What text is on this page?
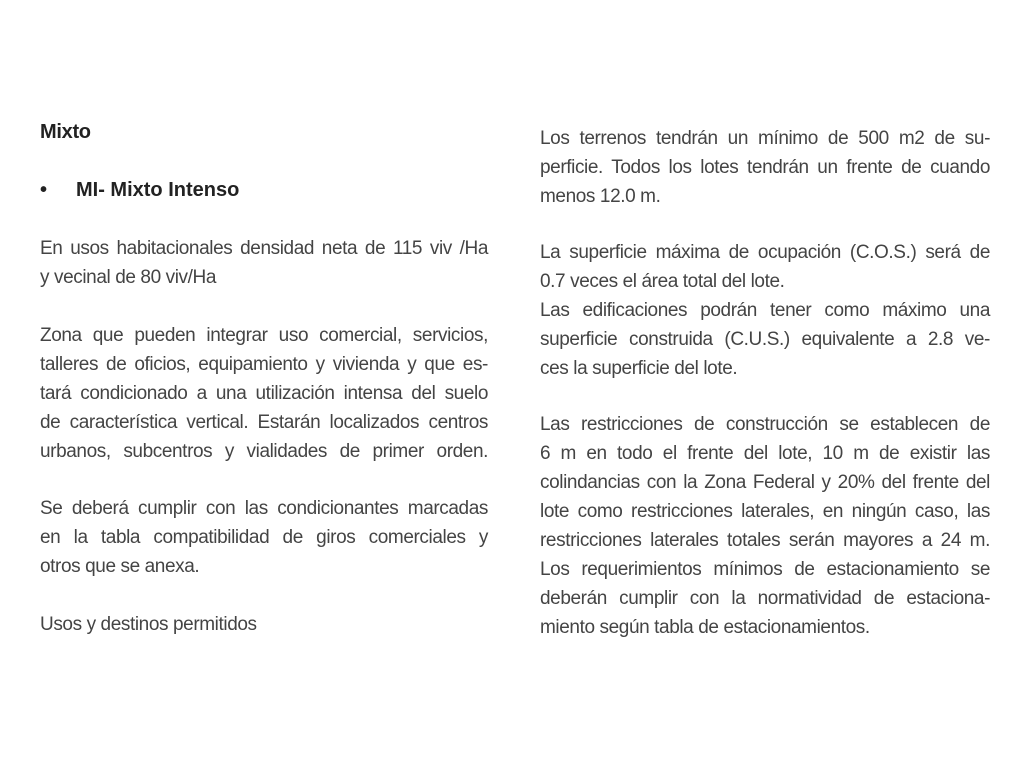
Mixto
• MI- Mixto Intenso
En usos habitacionales densidad neta de 115 viv /Ha
y vecinal de 80 viv/Ha
Zona que pueden integrar uso comercial, servicios,
talleres de oficios, equipamiento y vivienda y que es-
tará condicionado a una utilización intensa del suelo
de característica vertical. Estarán localizados centros
urbanos, subcentros y vialidades de primer orden.
Se deberá cumplir con las condicionantes marcadas
en la tabla compatibilidad de giros comerciales y
otros que se anexa.
Usos y destinos permitidos
Los terrenos tendrán un mínimo de 500 m2 de su-
perficie. Todos los lotes tendrán un frente de cuando
menos 12.0 m.
La superficie máxima de ocupación (C.O.S.) será de
0.7 veces el área total del lote.
Las edificaciones podrán tener como máximo una
superficie construida (C.U.S.) equivalente a 2.8 ve-
ces la superficie del lote.
Las restricciones de construcción se establecen de
6 m en todo el frente del lote, 10 m de existir las
colindancias con la Zona Federal y 20% del frente del
lote como restricciones laterales, en ningún caso, las
restricciones laterales totales serán mayores a 24 m.
Los requerimientos mínimos de estacionamiento se
deberán cumplir con la normatividad de estaciona-
miento según tabla de estacionamientos.
